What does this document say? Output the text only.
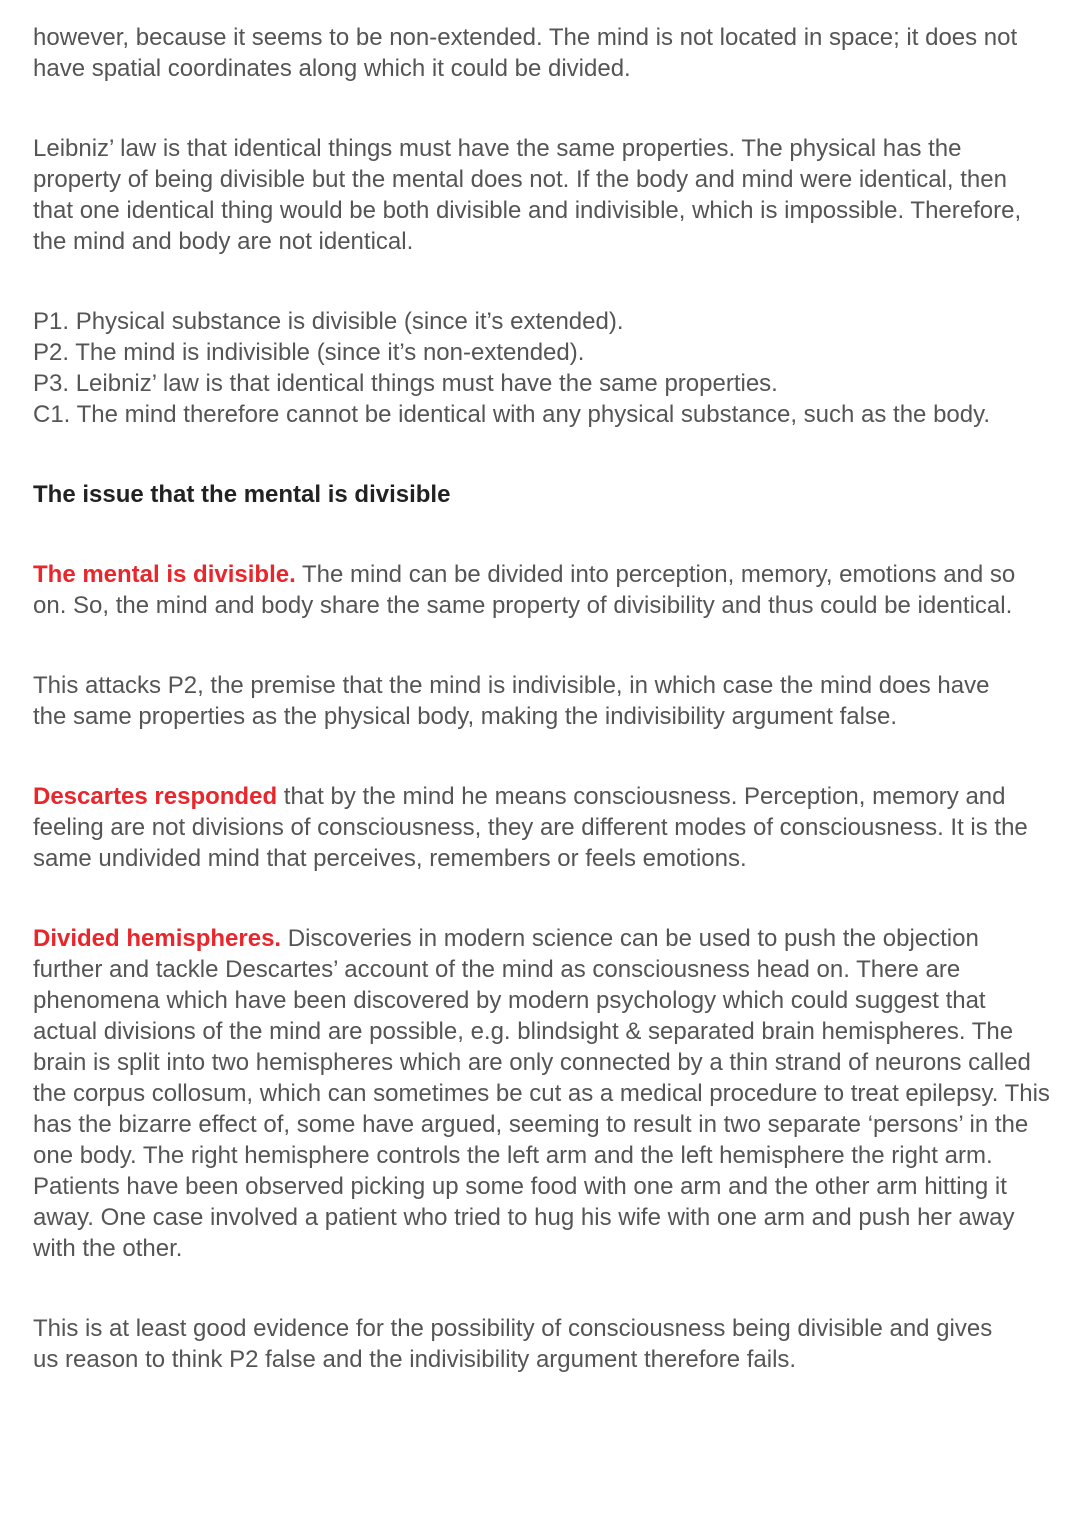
however, because it seems to be non-extended. The mind is not located in space; it does not have spatial coordinates along which it could be divided.

Leibniz’ law is that identical things must have the same properties. The physical has the property of being divisible but the mental does not. If the body and mind were identical, then that one identical thing would be both divisible and indivisible, which is impossible. Therefore, the mind and body are not identical.

P1. Physical substance is divisible (since it’s extended).

P2. The mind is indivisible (since it’s non-extended).

P3. Leibniz’ law is that identical things must have the same properties.

C1. The mind therefore cannot be identical with any physical substance, such as the body.

The issue that the mental is divisible

The mental is divisible. The mind can be divided into perception, memory, emotions and so on. So, the mind and body share the same property of divisibility and thus could be identical.

This attacks P2, the premise that the mind is indivisible, in which case the mind does have the same properties as the physical body, making the indivisibility argument false.

Descartes responded that by the mind he means consciousness. Perception, memory and feeling are not divisions of consciousness, they are different modes of consciousness. It is the same undivided mind that perceives, remembers or feels emotions.

Divided hemispheres. Discoveries in modern science can be used to push the objection further and tackle Descartes’ account of the mind as consciousness head on. There are phenomena which have been discovered by modern psychology which could suggest that actual divisions of the mind are possible, e.g. blindsight & separated brain hemispheres. The brain is split into two hemispheres which are only connected by a thin strand of neurons called the corpus collosum, which can sometimes be cut as a medical procedure to treat epilepsy. This has the bizarre effect of, some have argued, seeming to result in two separate ‘persons’ in the one body. The right hemisphere controls the left arm and the left hemisphere the right arm. Patients have been observed picking up some food with one arm and the other arm hitting it away. One case involved a patient who tried to hug his wife with one arm and push her away with the other.

This is at least good evidence for the possibility of consciousness being divisible and gives us reason to think P2 false and the indivisibility argument therefore fails.
